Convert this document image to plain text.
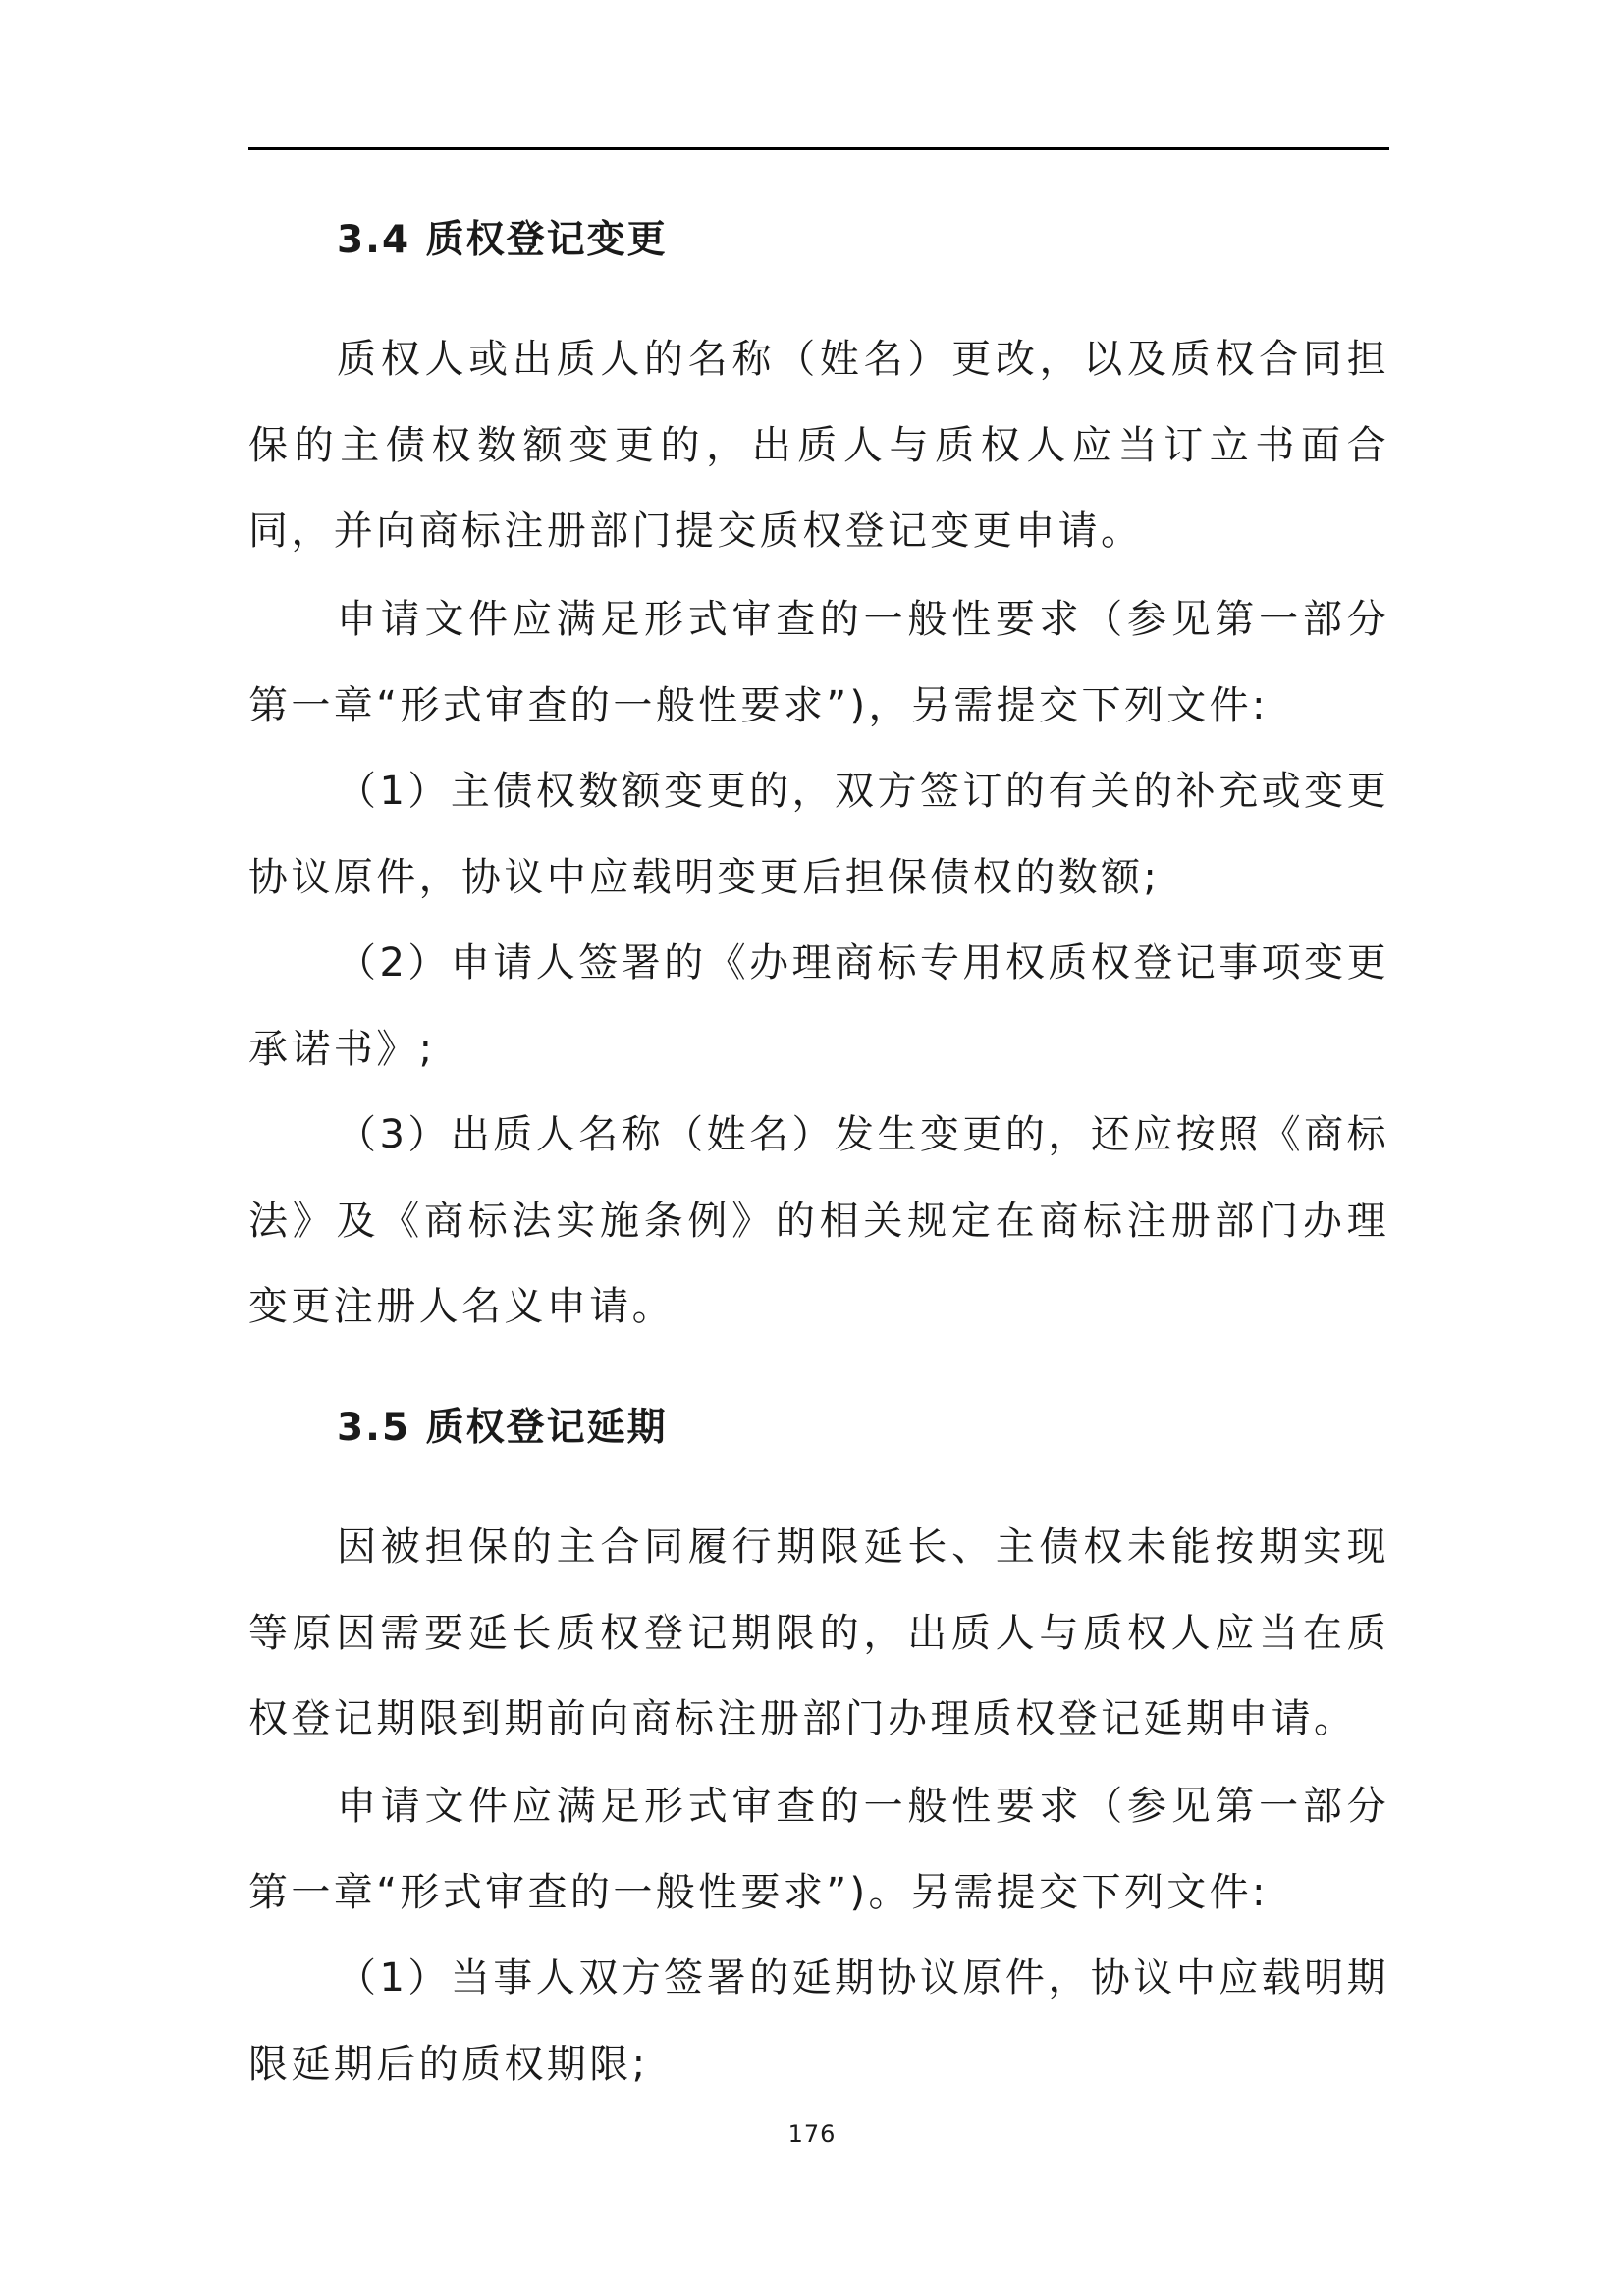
3.4 质权登记变更

质权人或出质人的名称（姓名）更改，以及质权合同担保的主债权数额变更的，出质人与质权人应当订立书面合同，并向商标注册部门提交质权登记变更申请。

申请文件应满足形式审查的一般性要求（参见第一部分第一章“形式审查的一般性要求”)，另需提交下列文件:

（1）主债权数额变更的，双方签订的有关的补充或变更协议原件，协议中应载明变更后担保债权的数额;

（2）申请人签署的《办理商标专用权质权登记事项变更承诺书》;

（3）出质人名称（姓名）发生变更的，还应按照《商标法》及《商标法实施条例》的相关规定在商标注册部门办理变更注册人名义申请。

3.5 质权登记延期

因被担保的主合同履行期限延长、主债权未能按期实现等原因需要延长质权登记期限的，出质人与质权人应当在质权登记期限到期前向商标注册部门办理质权登记延期申请。

申请文件应满足形式审查的一般性要求（参见第一部分第一章“形式审查的一般性要求”)。另需提交下列文件:

（1）当事人双方签署的延期协议原件，协议中应载明期限延期后的质权期限;

176
